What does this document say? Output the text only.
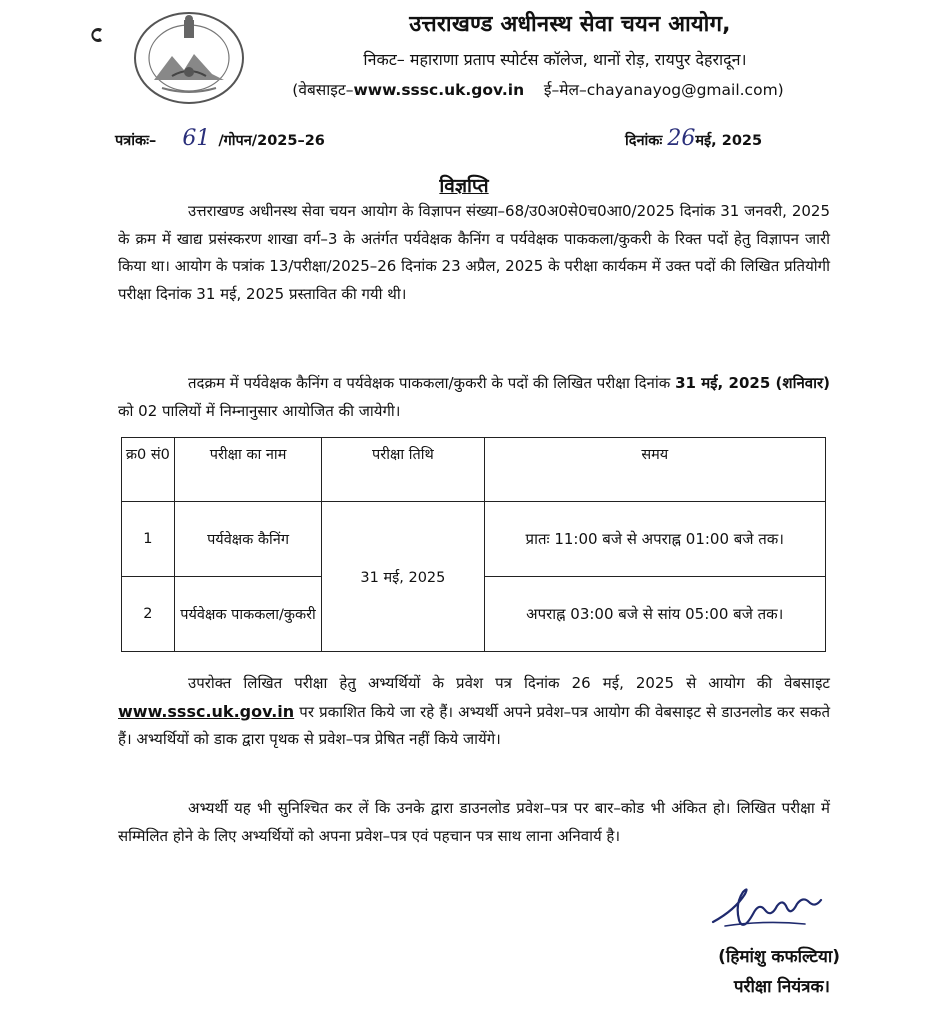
उत्तराखण्ड अधीनस्थ सेवा चयन आयोग,
निकट– महाराणा प्रताप स्पोर्टस कॉलेज, थानों रोड़, रायपुर देहरादून।
(वेबसाइट–www.sssc.uk.gov.in ई–मेल–chayanayog@gmail.com)
पत्रांकः– 61 /गोपन/2025–26	दिनांकः 26मई, 2025
विज्ञप्ति
उत्तराखण्ड अधीनस्थ सेवा चयन आयोग के विज्ञापन संख्या–68/उ0अ0से0च0आ0/2025 दिनांक 31 जनवरी, 2025 के क्रम में खाद्य प्रसंस्करण शाखा वर्ग–3 के अतंर्गत पर्यवेक्षक कैनिंग व पर्यवेक्षक पाककला/कुकरी के रिक्त पदों हेतु विज्ञापन जारी किया था। आयोग के पत्रांक 13/परीक्षा/2025–26 दिनांक 23 अप्रैल, 2025 के परीक्षा कार्यकम में उक्त पदों की लिखित प्रतियोगी परीक्षा दिनांक 31 मई, 2025 प्रस्तावित की गयी थी।
तदक्रम में पर्यवेक्षक कैनिंग व पर्यवेक्षक पाककला/कुकरी के पदों की लिखित परीक्षा दिनांक 31 मई, 2025 (शनिवार) को 02 पालियों में निम्नानुसार आयोजित की जायेगी।
क्र0 सं0	परीक्षा का नाम	परीक्षा तिथि	समय
1	पर्यवेक्षक कैनिंग	31 मई, 2025	प्रातः 11:00 बजे से अपराह्न 01:00 बजे तक।
2	पर्यवेक्षक पाककला/कुकरी		अपराह्न 03:00 बजे से सांय 05:00 बजे तक।
उपरोक्त लिखित परीक्षा हेतु अभ्यर्थियों के प्रवेश पत्र दिनांक 26 मई, 2025 से आयोग की वेबसाइट www.sssc.uk.gov.in पर प्रकाशित किये जा रहे हैं। अभ्यर्थी अपने प्रवेश–पत्र आयोग की वेबसाइट से डाउनलोड कर सकते हैं। अभ्यर्थियों को डाक द्वारा पृथक से प्रवेश–पत्र प्रेषित नहीं किये जायेंगे।
अभ्यर्थी यह भी सुनिश्चित कर लें कि उनके द्वारा डाउनलोड प्रवेश–पत्र पर बार–कोड भी अंकित हो। लिखित परीक्षा में सम्मिलित होने के लिए अभ्यर्थियों को अपना प्रवेश–पत्र एवं पहचान पत्र साथ लाना अनिवार्य है।
(हिमांशु कफल्टिया)
परीक्षा नियंत्रक।
